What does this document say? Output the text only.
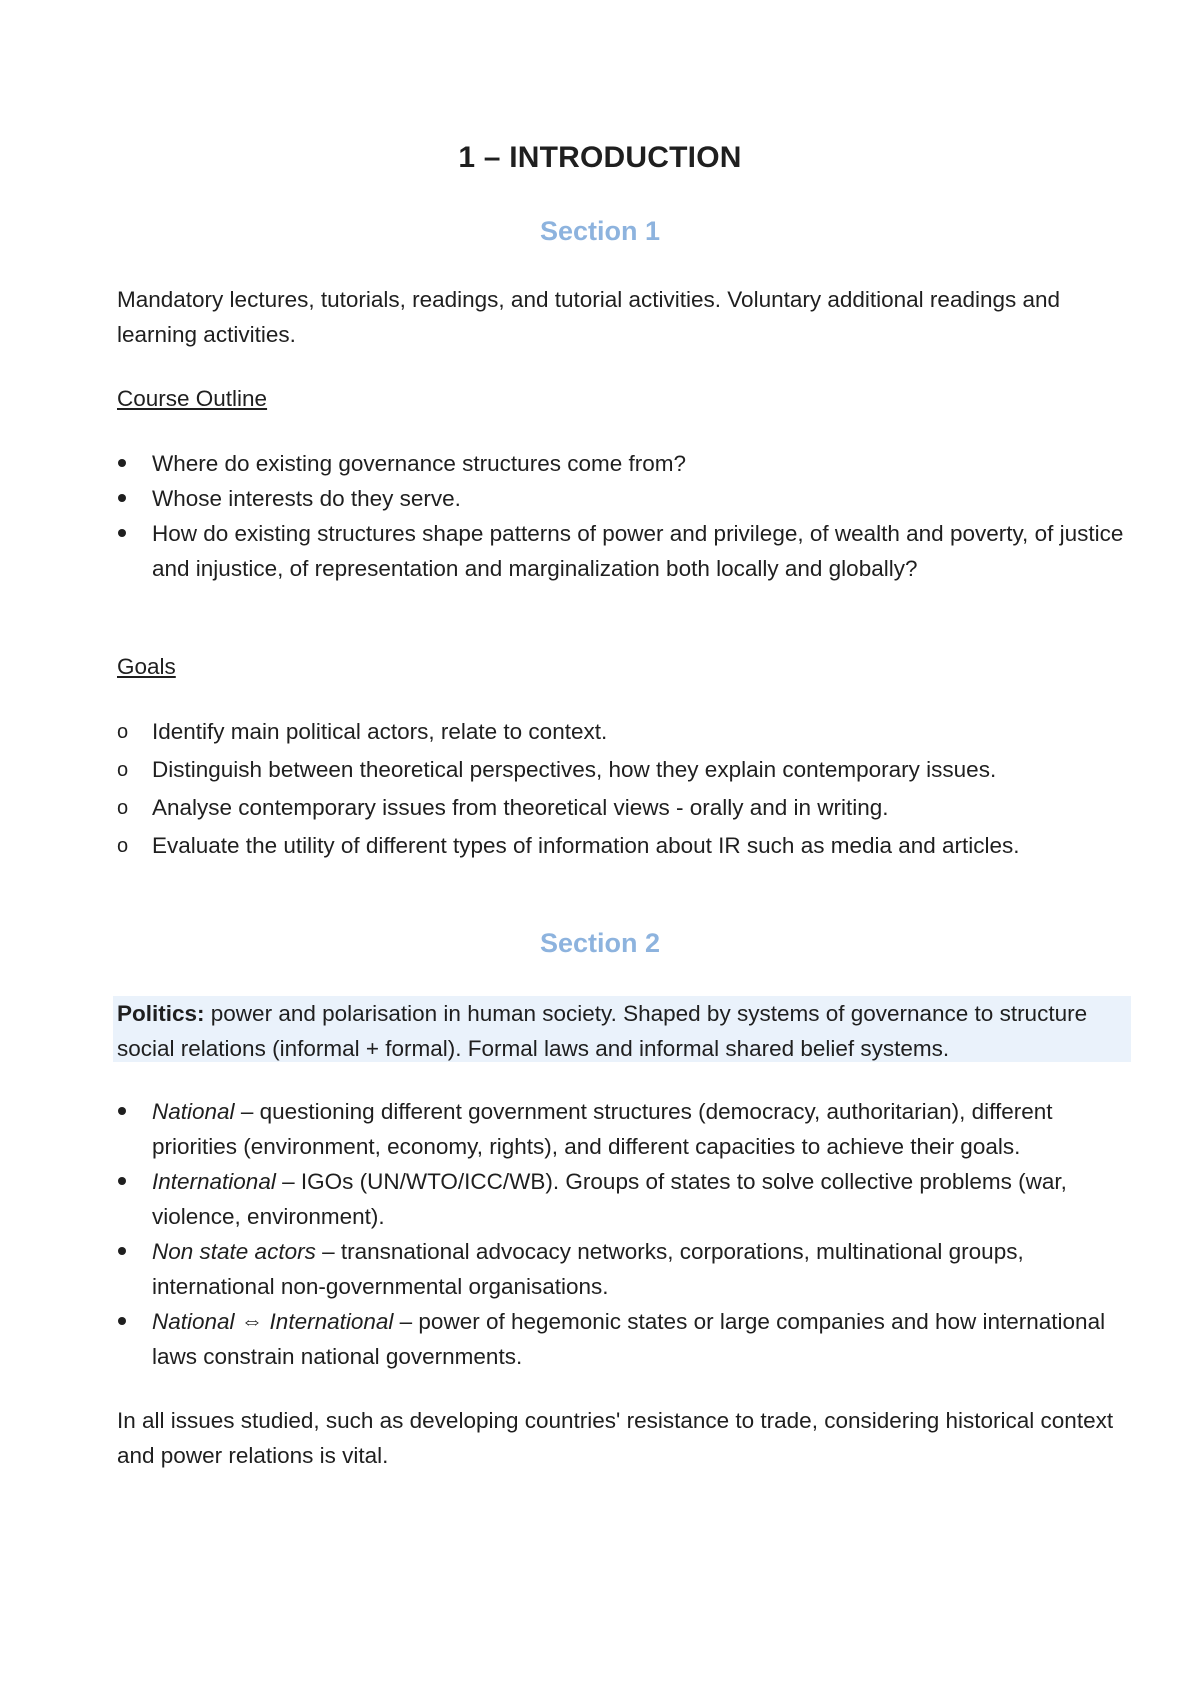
1 – INTRODUCTION
Section 1

Mandatory lectures, tutorials, readings, and tutorial activities. Voluntary additional readings and learning activities.

Course Outline
Where do existing governance structures come from?
Whose interests do they serve.
How do existing structures shape patterns of power and privilege, of wealth and poverty, of justice and injustice, of representation and marginalization both locally and globally?
Goals
o Identify main political actors, relate to context.
o Distinguish between theoretical perspectives, how they explain contemporary issues.
o Analyse contemporary issues from theoretical views - orally and in writing.
o Evaluate the utility of different types of information about IR such as media and articles.
Section 2

Politics: power and polarisation in human society. Shaped by systems of governance to structure social relations (informal + formal). Formal laws and informal shared belief systems.

National – questioning different government structures (democracy, authoritarian), different priorities (environment, economy, rights), and different capacities to achieve their goals.
International – IGOs (UN/WTO/ICC/WB). Groups of states to solve collective problems (war, violence, environment).
Non state actors – transnational advocacy networks, corporations, multinational groups, international non-governmental organisations.
National ⇔ International – power of hegemonic states or large companies and how international laws constrain national governments.

In all issues studied, such as developing countries' resistance to trade, considering historical context and power relations is vital.
